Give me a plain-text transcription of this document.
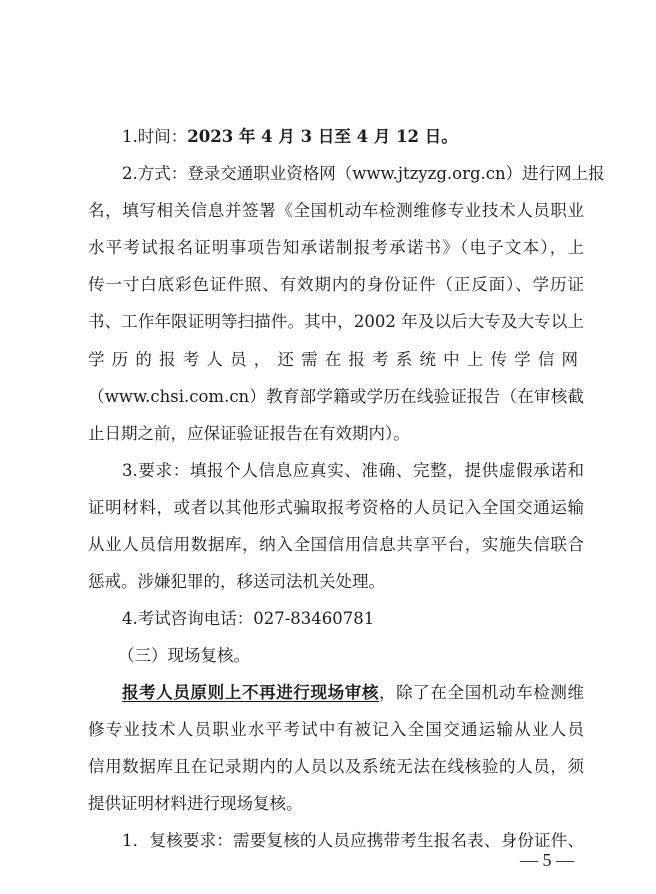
1.时间：2023 年 4 月 3 日至 4 月 12 日。
2.方式：登录交通职业资格网（www.jtzyzg.org.cn）进行网上报
名，填写相关信息并签署《全国机动车检测维修专业技术人员职业
水平考试报名证明事项告知承诺制报考承诺书》（电子文本），上
传一寸白底彩色证件照、有效期内的身份证件（正反面）、学历证
书、工作年限证明等扫描件。其中，2002 年及以后大专及大专以上
学历的报考人员，还需在报考系统中上传学信网
（www.chsi.com.cn）教育部学籍或学历在线验证报告（在审核截
止日期之前，应保证验证报告在有效期内）。
3.要求：填报个人信息应真实、准确、完整，提供虚假承诺和
证明材料，或者以其他形式骗取报考资格的人员记入全国交通运输
从业人员信用数据库，纳入全国信用信息共享平台，实施失信联合
惩戒。涉嫌犯罪的，移送司法机关处理。
4.考试咨询电话：027-83460781
（三）现场复核。
报考人员原则上不再进行现场审核，除了在全国机动车检测维
修专业技术人员职业水平考试中有被记入全国交通运输从业人员
信用数据库且在记录期内的人员以及系统无法在线核验的人员，须
提供证明材料进行现场复核。
1．复核要求：需要复核的人员应携带考生报名表、身份证件、
— 5 —
